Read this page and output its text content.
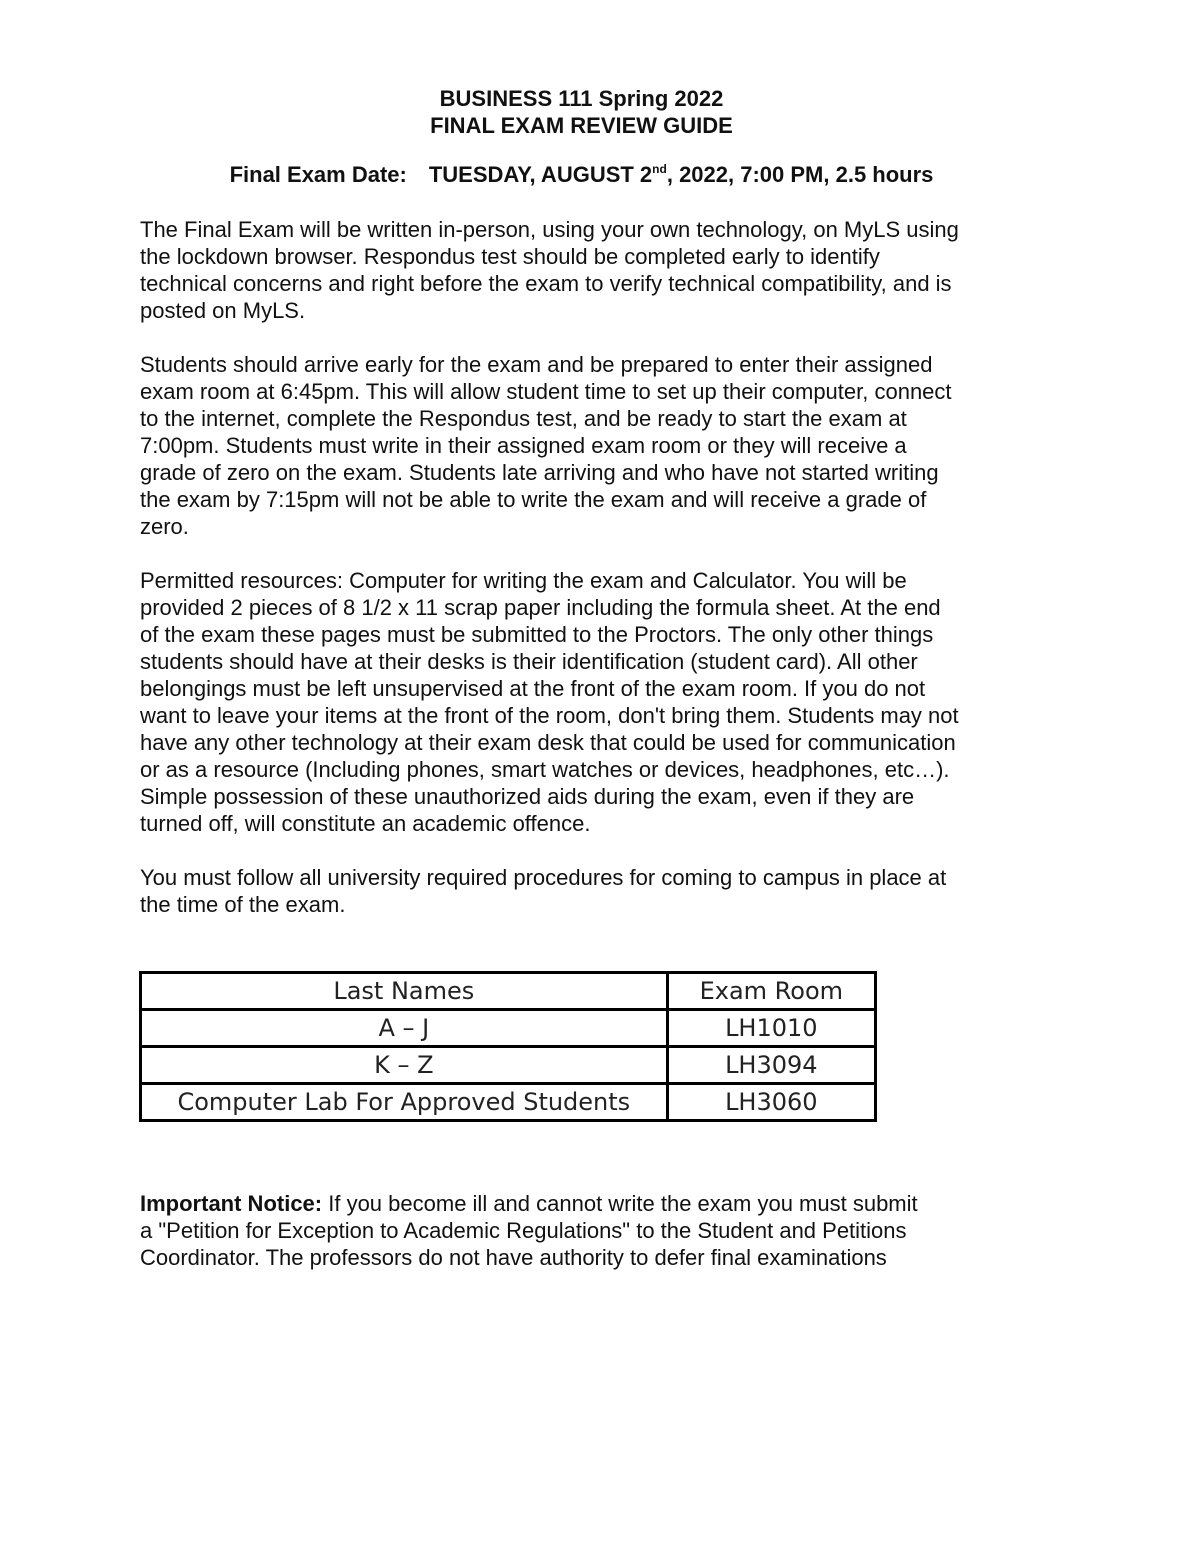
BUSINESS 111 Spring 2022
FINAL EXAM REVIEW GUIDE

Final Exam Date: TUESDAY, AUGUST 2nd, 2022, 7:00 PM, 2.5 hours

The Final Exam will be written in-person, using your own technology, on MyLS using
the lockdown browser. Respondus test should be completed early to identify
technical concerns and right before the exam to verify technical compatibility, and is
posted on MyLS.

Students should arrive early for the exam and be prepared to enter their assigned
exam room at 6:45pm. This will allow student time to set up their computer, connect
to the internet, complete the Respondus test, and be ready to start the exam at
7:00pm. Students must write in their assigned exam room or they will receive a
grade of zero on the exam. Students late arriving and who have not started writing
the exam by 7:15pm will not be able to write the exam and will receive a grade of
zero.

Permitted resources: Computer for writing the exam and Calculator. You will be
provided 2 pieces of 8 1/2 x 11 scrap paper including the formula sheet. At the end
of the exam these pages must be submitted to the Proctors. The only other things
students should have at their desks is their identification (student card). All other
belongings must be left unsupervised at the front of the exam room. If you do not
want to leave your items at the front of the room, don't bring them. Students may not
have any other technology at their exam desk that could be used for communication
or as a resource (Including phones, smart watches or devices, headphones, etc…).
Simple possession of these unauthorized aids during the exam, even if they are
turned off, will constitute an academic offence.

You must follow all university required procedures for coming to campus in place at
the time of the exam.

Last Names	Exam Room
A – J	LH1010
K – Z	LH3094
Computer Lab For Approved Students	LH3060

Important Notice: If you become ill and cannot write the exam you must submit
a "Petition for Exception to Academic Regulations" to the Student and Petitions
Coordinator. The professors do not have authority to defer final examinations
